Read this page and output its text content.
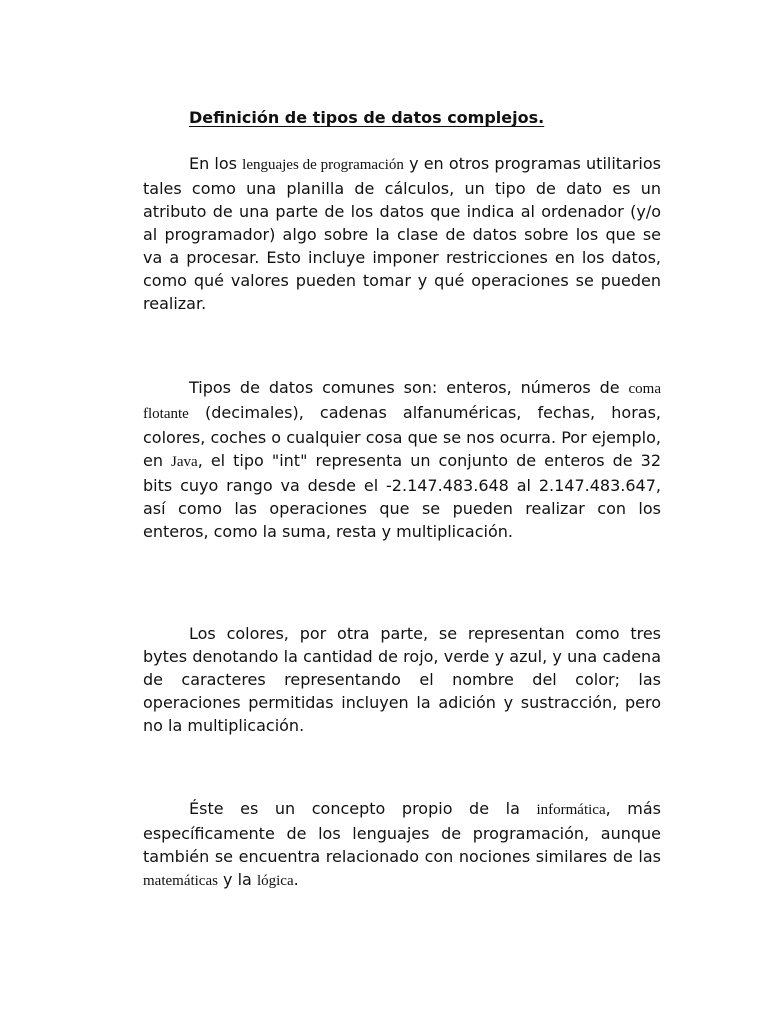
Definición de tipos de datos complejos.

En los lenguajes de programación y en otros programas utilitarios tales como una planilla de cálculos, un tipo de dato es un atributo de una parte de los datos que indica al ordenador (y/o al programador) algo sobre la clase de datos sobre los que se va a procesar. Esto incluye imponer restricciones en los datos, como qué valores pueden tomar y qué operaciones se pueden realizar.

Tipos de datos comunes son: enteros, números de coma flotante (decimales), cadenas alfanuméricas, fechas, horas, colores, coches o cualquier cosa que se nos ocurra. Por ejemplo, en Java, el tipo "int" representa un conjunto de enteros de 32 bits cuyo rango va desde el -2.147.483.648 al 2.147.483.647, así como las operaciones que se pueden realizar con los enteros, como la suma, resta y multiplicación.

Los colores, por otra parte, se representan como tres bytes denotando la cantidad de rojo, verde y azul, y una cadena de caracteres representando el nombre del color; las operaciones permitidas incluyen la adición y sustracción, pero no la multiplicación.

Éste es un concepto propio de la informática, más específicamente de los lenguajes de programación, aunque también se encuentra relacionado con nociones similares de las matemáticas y la lógica.
